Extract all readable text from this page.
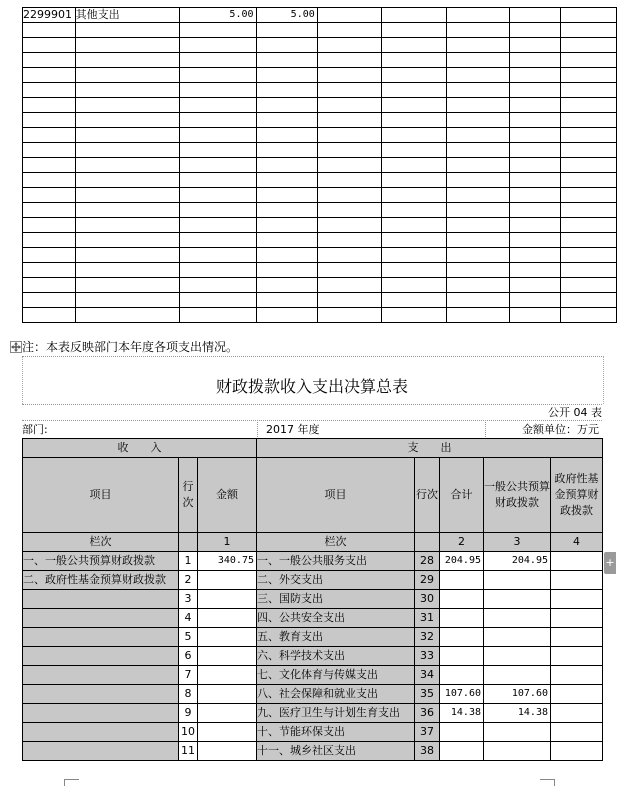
2299901	其他支出	5.00	5.00					

注：本表反映部门本年度各项支出情况。
财政拨款收入支出决算总表
公开 04 表
部门:	2017 年度	金额单位：万元
收　　入			支　　出				
项目	行次	金额	项目	行次	合计	一般公共预算财政拨款	政府性基金预算财政拨款
栏次		1	栏次		2	3	4
一、一般公共预算财政拨款	1	340.75	一、一般公共服务支出	28	204.95	204.95	
二、政府性基金预算财政拨款	2		二、外交支出	29			
	3		三、国防支出	30			
	4		四、公共安全支出	31			
	5		五、教育支出	32			
	6		六、科学技术支出	33			
	7		七、文化体育与传媒支出	34			
	8		八、社会保障和就业支出	35	107.60	107.60	
	9		九、医疗卫生与计划生育支出	36	14.38	14.38	
	10		十、节能环保支出	37			
	11		十一、城乡社区支出	38			
+
